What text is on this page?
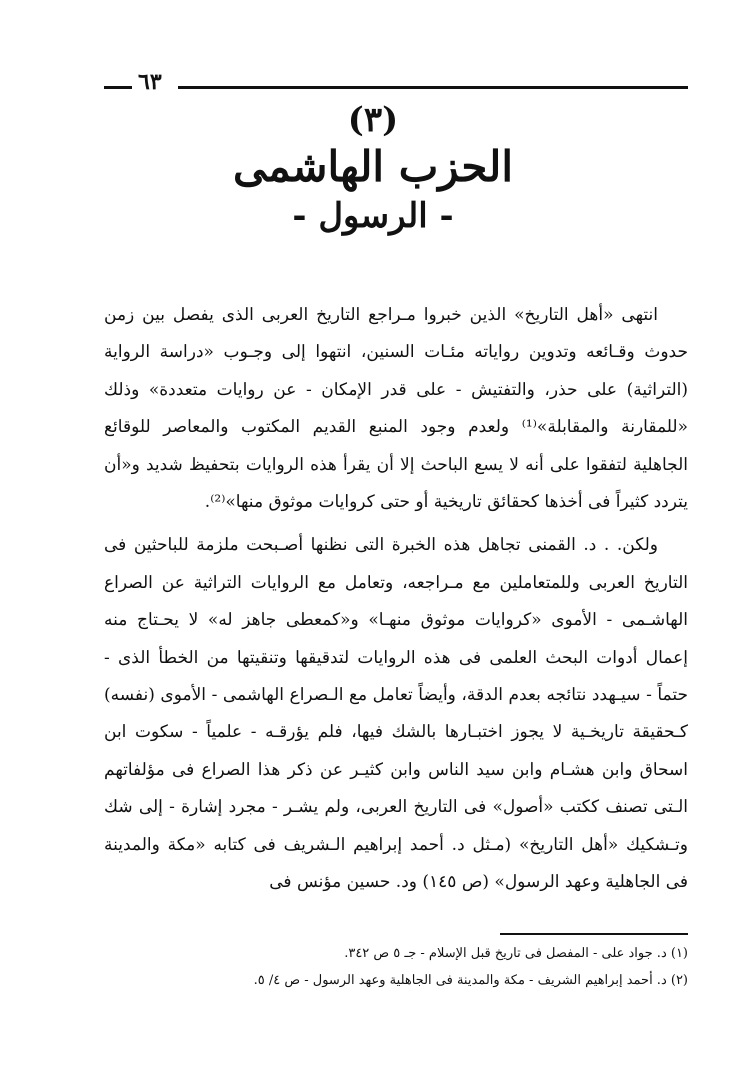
٦٣
(٣)
الحزب الهاشمى
- الرسول -

انتهى «أهل التاريخ» الذين خبروا مـراجع التاريخ العربى الذى يفصل بين زمن حدوث وقـائعه وتدوين رواياته مئـات السنين، انتهوا إلى وجـوب «دراسة الرواية (التراثية) على حذر، والتفتيش - على قدر الإمكان - عن روايات متعددة» وذلك «للمقارنة والمقابلة»⁽¹⁾ ولعدم وجود المنبع القديم المكتوب والمعاصر للوقائع الجاهلية لتفقوا على أنه لا يسع الباحث إلا أن يقرأ هذه الروايات بتحفيظ شديد و«أن يتردد كثيراً فى أخذها كحقائق تاريخية أو حتى كروايات موثوق منها»⁽²⁾.

ولكن. . د. القمنى تجاهل هذه الخبرة التى نظنها أصـبحت ملزمة للباحثين فى التاريخ العربى وللمتعاملين مع مـراجعه، وتعامل مع الروايات التراثية عن الصراع الهاشـمى - الأموى «كروايات موثوق منهـا» و«كمعطى جاهز له» لا يحـتاج منه إعمال أدوات البحث العلمى فى هذه الروايات لتدقيقها وتنقيتها من الخطأ الذى - حتماً - سيـهدد نتائجه بعدم الدقة، وأيضاً تعامل مع الـصراع الهاشمى - الأموى (نفسه) كـحقيقة تاريخـية لا يجوز اختبـارها بالشك فيها، فلم يؤرقـه - علمياً - سكوت ابن اسحاق وابن هشـام وابن سيد الناس وابن كثيـر عن ذكر هذا الصراع فى مؤلفاتهم الـتى تصنف ككتب «أصول» فى التاريخ العربى، ولم يشـر - مجرد إشارة - إلى شك وتـشكيك «أهل التاريخ» (مـثل د. أحمد إبراهيم الـشريف فى كتابه «مكة والمدينة فى الجاهلية وعهد الرسول» (ص ١٤٥) ود. حسين مؤنس فى

(١) د. جواد على - المفصل فى تاريخ قبل الإسلام - جـ ٥ ص ٣٤٢.

(٢) د. أحمد إبراهيم الشريف - مكة والمدينة فى الجاهلية وعهد الرسول - ص ٤/ ٥.
